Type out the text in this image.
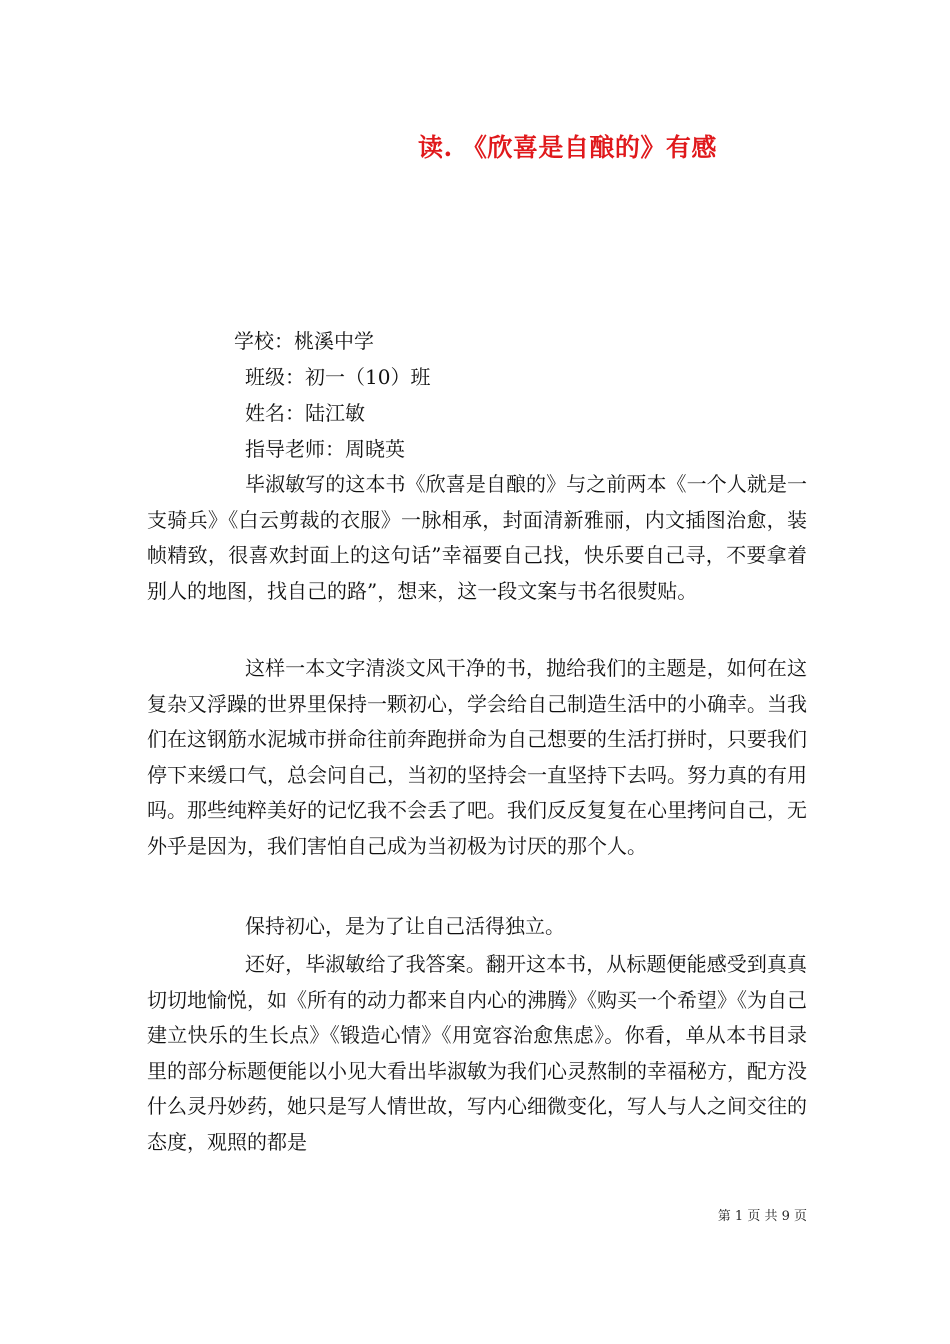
读. 《欣喜是自酿的》有感
学校：桃溪中学
班级：初一（10）班
姓名：陆江敏
指导老师：周晓英

毕淑敏写的这本书《欣喜是自酿的》与之前两本《一个人就是一支骑兵》《白云剪裁的衣服》一脉相承，封面清新雅丽，内文插图治愈，装帧精致，很喜欢封面上的这句话”幸福要自己找，快乐要自己寻，不要拿着别人的地图，找自己的路”，想来，这一段文案与书名很熨贴。

这样一本文字清淡文风干净的书，抛给我们的主题是，如何在这复杂又浮躁的世界里保持一颗初心，学会给自己制造生活中的小确幸。当我们在这钢筋水泥城市拼命往前奔跑拼命为自己想要的生活打拼时，只要我们停下来缓口气，总会问自己，当初的坚持会一直坚持下去吗。努力真的有用吗。那些纯粹美好的记忆我不会丢了吧。我们反反复复在心里拷问自己，无外乎是因为，我们害怕自己成为当初极为讨厌的那个人。

保持初心，是为了让自己活得独立。

还好，毕淑敏给了我答案。翻开这本书，从标题便能感受到真真切切地愉悦，如《所有的动力都来自内心的沸腾》《购买一个希望》《为自己建立快乐的生长点》《锻造心情》《用宽容治愈焦虑》。你看，单从本书目录里的部分标题便能以小见大看出毕淑敏为我们心灵熬制的幸福秘方，配方没什么灵丹妙药，她只是写人情世故，写内心细微变化，写人与人之间交往的态度，观照的都是

第 1 页 共 9 页
